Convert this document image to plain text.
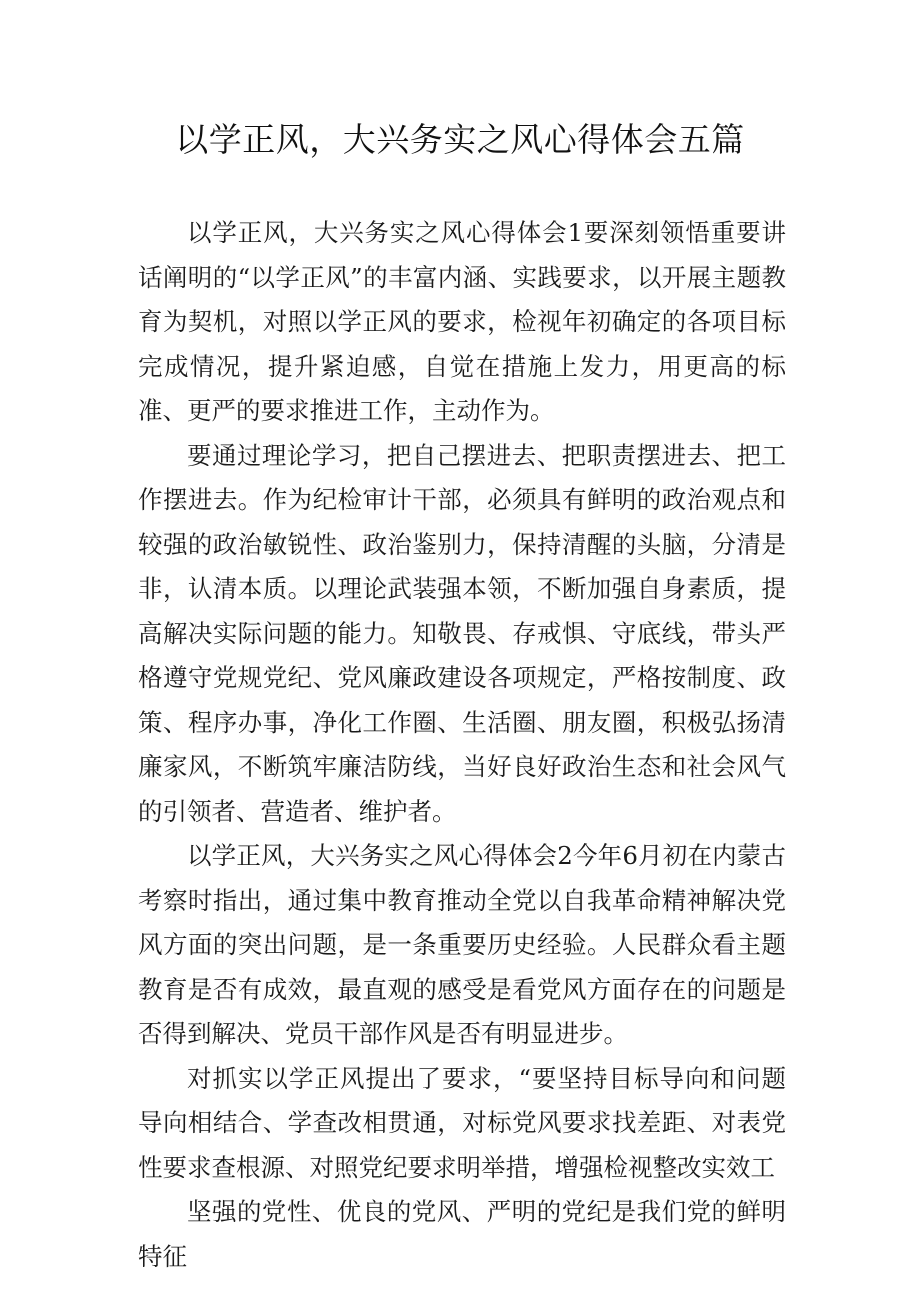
以学正风，大兴务实之风心得体会五篇

以学正风，大兴务实之风心得体会1要深刻领悟重要讲话阐明的“以学正风”的丰富内涵、实践要求，以开展主题教育为契机，对照以学正风的要求，检视年初确定的各项目标完成情况，提升紧迫感，自觉在措施上发力，用更高的标准、更严的要求推进工作，主动作为。

要通过理论学习，把自己摆进去、把职责摆进去、把工作摆进去。作为纪检审计干部，必须具有鲜明的政治观点和较强的政治敏锐性、政治鉴别力，保持清醒的头脑，分清是非，认清本质。以理论武装强本领，不断加强自身素质，提高解决实际问题的能力。知敬畏、存戒惧、守底线，带头严格遵守党规党纪、党风廉政建设各项规定，严格按制度、政策、程序办事，净化工作圈、生活圈、朋友圈，积极弘扬清廉家风，不断筑牢廉洁防线，当好良好政治生态和社会风气的引领者、营造者、维护者。

以学正风，大兴务实之风心得体会2今年6月初在内蒙古考察时指出，通过集中教育推动全党以自我革命精神解决党风方面的突出问题，是一条重要历史经验。人民群众看主题教育是否有成效，最直观的感受是看党风方面存在的问题是否得到解决、党员干部作风是否有明显进步。

对抓实以学正风提出了要求，“要坚持目标导向和问题导向相结合、学查改相贯通，对标党风要求找差距、对表党性要求查根源、对照党纪要求明举措，增强检视整改实效工

坚强的党性、优良的党风、严明的党纪是我们党的鲜明特征
